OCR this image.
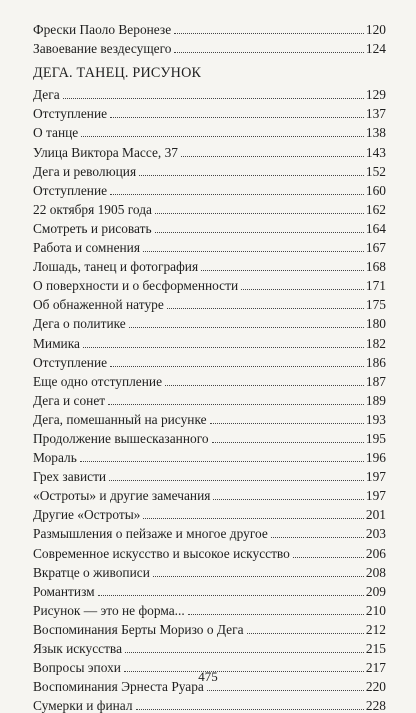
Фрески Паоло Веронезе	120
Завоевание вездесущего	124
ДЕГА. ТАНЕЦ. РИСУНОК
Дега	129
Отступление	137
О танце	138
Улица Виктора Массе, 37	143
Дега и революция	152
Отступление	160
22 октября 1905 года	162
Смотреть и рисовать	164
Работа и сомнения	167
Лошадь, танец и фотография	168
О поверхности и о бесформенности	171
Об обнаженной натуре	175
Дега о политике	180
Мимика	182
Отступление	186
Еще одно отступление	187
Дега и сонет	189
Дега, помешанный на рисунке	193
Продолжение вышесказанного	195
Мораль	196
Грех зависти	197
«Остроты» и другие замечания	197
Другие «Остроты»	201
Размышления о пейзаже и многое другое	203
Современное искусство и высокое искусство	206
Вкратце о живописи	208
Романтизм	209
Рисунок — это не форма...	210
Воспоминания Берты Моризо о Дега	212
Язык искусства	215
Вопросы эпохи	217
Воспоминания Эрнеста Руара	220
Сумерки и финал	228
475
